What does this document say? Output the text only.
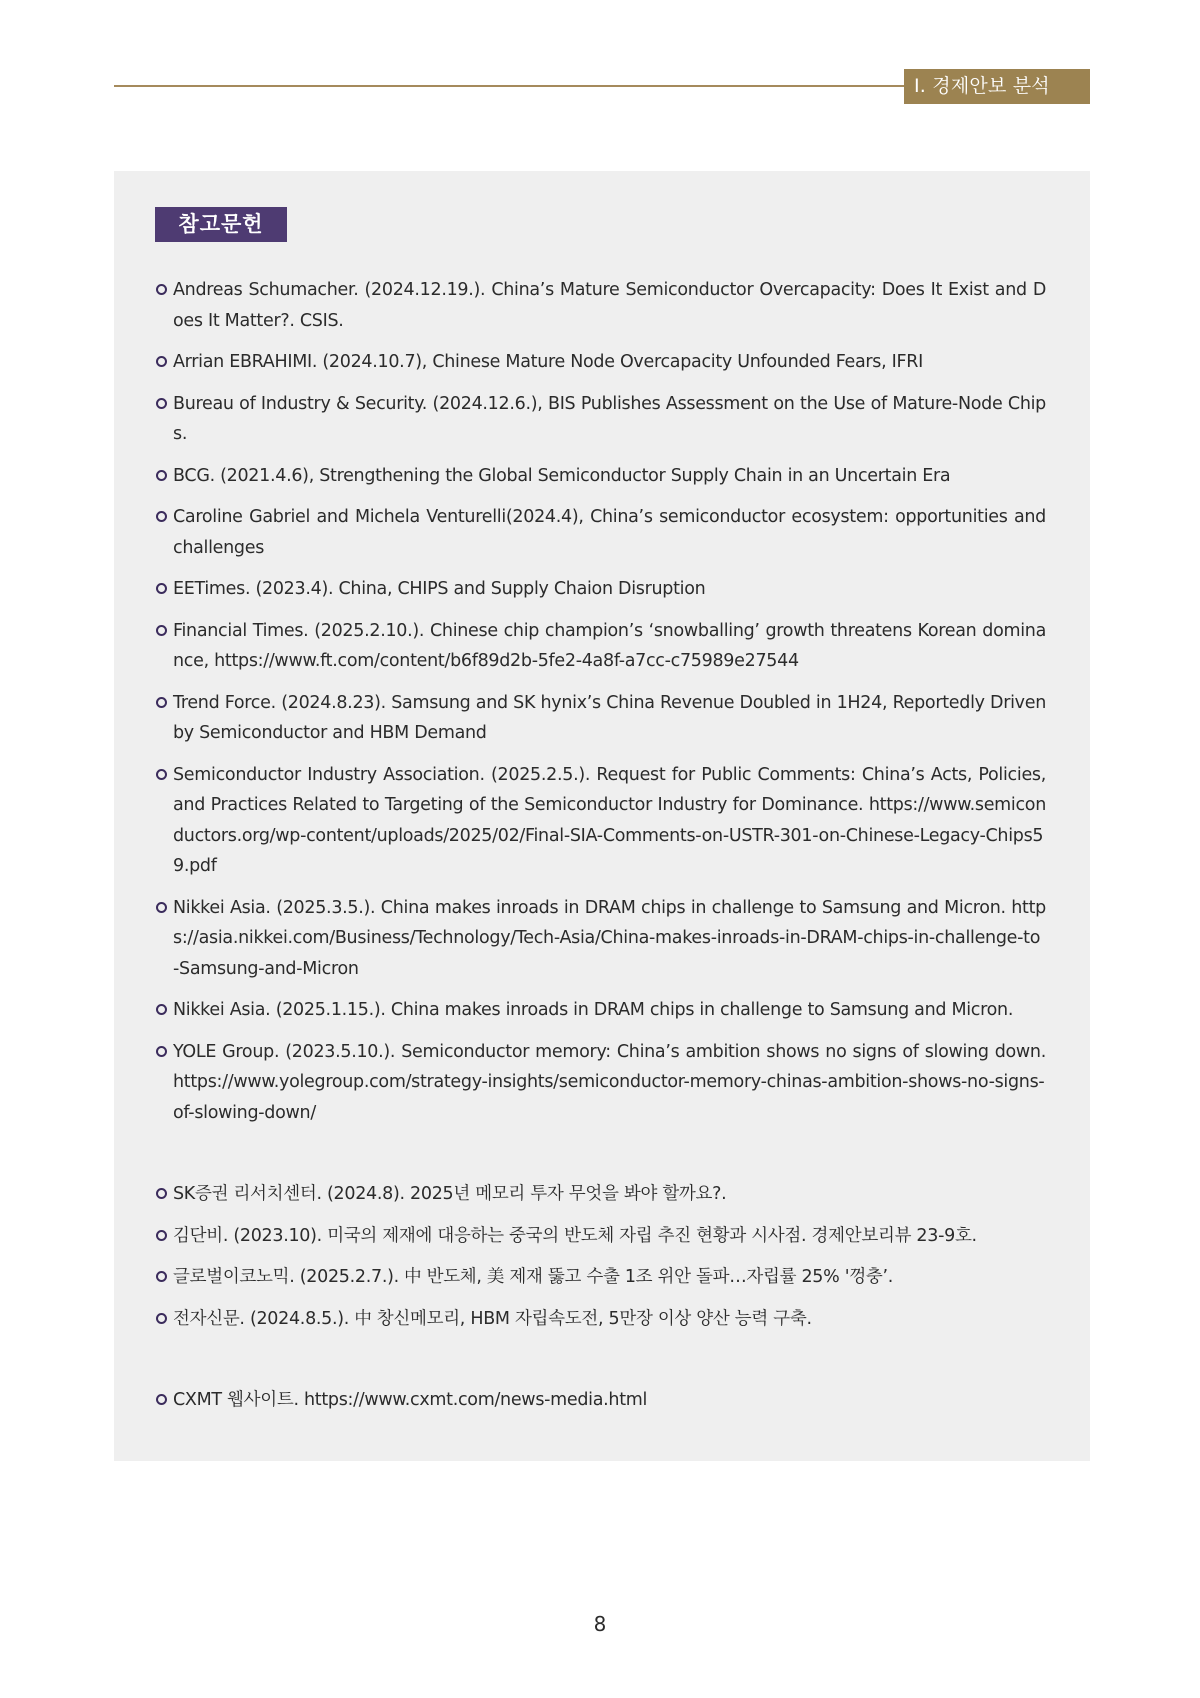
Ⅰ. 경제안보 분석
참고문헌
Andreas Schumacher. (2024.12.19.). China’s Mature Semiconductor Overcapacity: Does It Exist and Does It Matter?. CSIS.
Arrian EBRAHIMI. (2024.10.7), Chinese Mature Node Overcapacity Unfounded Fears, IFRI
Bureau of Industry & Security. (2024.12.6.), BIS Publishes Assessment on the Use of Mature-Node Chips.
BCG. (2021.4.6), Strengthening the Global Semiconductor Supply Chain in an Uncertain Era
Caroline Gabriel and Michela Venturelli(2024.4), China’s semiconductor ecosystem: opportunities and challenges
EETimes. (2023.4). China, CHIPS and Supply Chaion Disruption
Financial Times. (2025.2.10.). Chinese chip champion’s ‘snowballing’ growth threatens Korean dominance, https://www.ft.com/content/b6f89d2b-5fe2-4a8f-a7cc-c75989e27544
Trend Force. (2024.8.23). Samsung and SK hynix’s China Revenue Doubled in 1H24, Reportedly Driven by Semiconductor and HBM Demand
Semiconductor Industry Association. (2025.2.5.). Request for Public Comments: China’s Acts, Policies, and Practices Related to Targeting of the Semiconductor Industry for Dominance. https://www.semiconductors.org/wp-content/uploads/2025/02/Final-SIA-Comments-on-USTR-301-on-Chinese-Legacy-Chips59.pdf
Nikkei Asia. (2025.3.5.). China makes inroads in DRAM chips in challenge to Samsung and Micron. https://asia.nikkei.com/Business/Technology/Tech-Asia/China-makes-inroads-in-DRAM-chips-in-challenge-to-Samsung-and-Micron
Nikkei Asia. (2025.1.15.). China makes inroads in DRAM chips in challenge to Samsung and Micron.
YOLE Group. (2023.5.10.). Semiconductor memory: China’s ambition shows no signs of slowing down. https://www.yolegroup.com/strategy-insights/semiconductor-memory-chinas-ambition-shows-no-signs-of-slowing-down/
SK증권 리서치센터. (2024.8). 2025년 메모리 투자 무엇을 봐야 할까요?.
김단비. (2023.10). 미국의 제재에 대응하는 중국의 반도체 자립 추진 현황과 시사점. 경제안보리뷰 23-9호.
글로벌이코노믹. (2025.2.7.). 中 반도체, 美 제재 뚫고 수출 1조 위안 돌파…자립률 25% '껑충’.
전자신문. (2024.8.5.). 中 창신메모리, HBM 자립속도전, 5만장 이상 양산 능력 구축.
CXMT 웹사이트. https://www.cxmt.com/news-media.html
8
